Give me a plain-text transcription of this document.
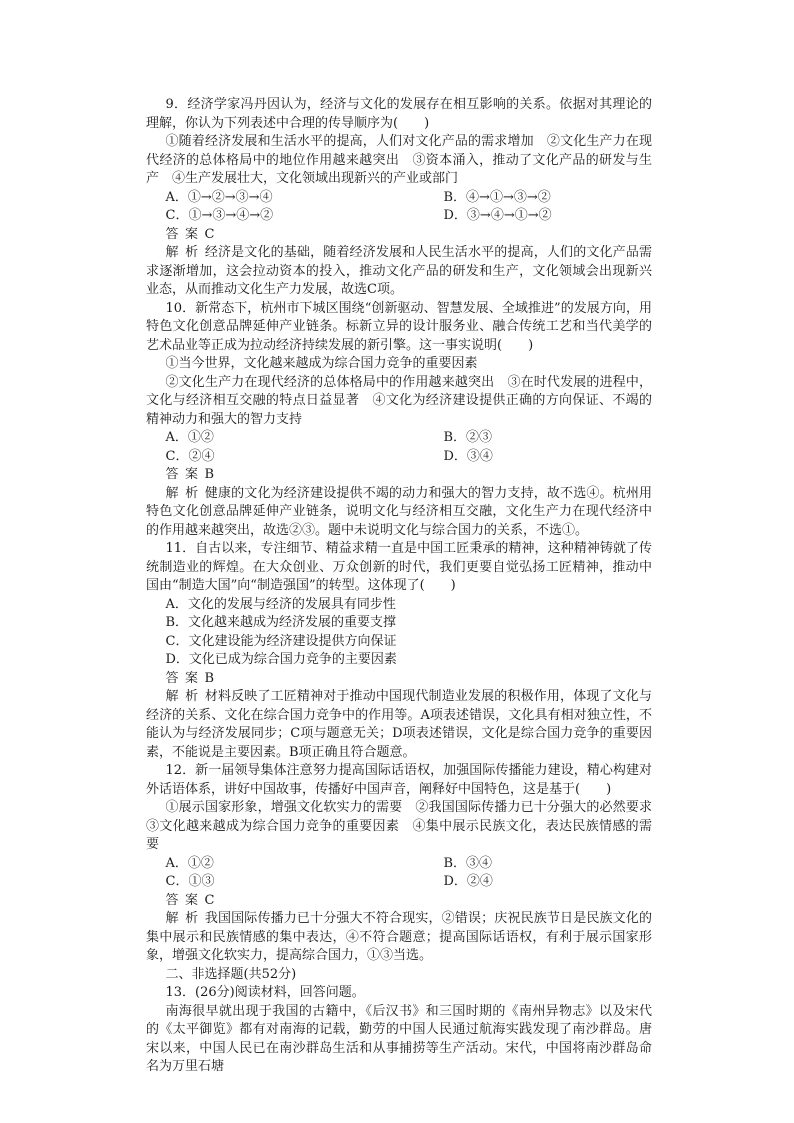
9．经济学家冯丹因认为，经济与文化的发展存在相互影响的关系。依据对其理论的理解，你认为下列表述中合理的传导顺序为(　　)

①随着经济发展和生活水平的提高，人们对文化产品的需求增加　②文化生产力在现代经济的总体格局中的地位作用越来越突出　③资本涌入，推动了文化产品的研发与生产　④生产发展壮大，文化领域出现新兴的产业或部门

A．①→②→③→④	B．④→①→③→②
C．①→③→④→②	D．③→④→①→②

答案C

解析经济是文化的基础，随着经济发展和人民生活水平的提高，人们的文化产品需求逐渐增加，这会拉动资本的投入，推动文化产品的研发和生产，文化领域会出现新兴业态，从而推动文化生产力发展，故选C项。

10．新常态下，杭州市下城区围绕“创新驱动、智慧发展、全域推进”的发展方向，用特色文化创意品牌延伸产业链条。标新立异的设计服务业、融合传统工艺和当代美学的艺术品业等正成为拉动经济持续发展的新引擎。这一事实说明(　　)

①当今世界，文化越来越成为综合国力竞争的重要因素

②文化生产力在现代经济的总体格局中的作用越来越突出　③在时代发展的进程中，文化与经济相互交融的特点日益显著　④文化为经济建设提供正确的方向保证、不竭的精神动力和强大的智力支持

A．①②	B．②③
C．②④	D．③④

答案B

解析健康的文化为经济建设提供不竭的动力和强大的智力支持，故不选④。杭州用特色文化创意品牌延伸产业链条，说明文化与经济相互交融，文化生产力在现代经济中的作用越来越突出，故选②③。题中未说明文化与综合国力的关系，不选①。

11．自古以来，专注细节、精益求精一直是中国工匠秉承的精神，这种精神铸就了传统制造业的辉煌。在大众创业、万众创新的时代，我们更要自觉弘扬工匠精神，推动中国由“制造大国”向“制造强国”的转型。这体现了(　　)

A．文化的发展与经济的发展具有同步性

B．文化越来越成为经济发展的重要支撑

C．文化建设能为经济建设提供方向保证

D．文化已成为综合国力竞争的主要因素

答案B

解析材料反映了工匠精神对于推动中国现代制造业发展的积极作用，体现了文化与经济的关系、文化在综合国力竞争中的作用等。A项表述错误，文化具有相对独立性，不能认为与经济发展同步；C项与题意无关；D项表述错误，文化是综合国力竞争的重要因素，不能说是主要因素。B项正确且符合题意。

12．新一届领导集体注意努力提高国际话语权，加强国际传播能力建设，精心构建对外话语体系，讲好中国故事，传播好中国声音，阐释好中国特色，这是基于(　　)

①展示国家形象，增强文化软实力的需要　②我国国际传播力已十分强大的必然要求　③文化越来越成为综合国力竞争的重要因素　④集中展示民族文化，表达民族情感的需要

A．①②	B．③④
C．①③	D．②④

答案C

解析我国国际传播力已十分强大不符合现实，②错误；庆祝民族节日是民族文化的集中展示和民族情感的集中表达，④不符合题意；提高国际话语权，有利于展示国家形象，增强文化软实力，提高综合国力，①③当选。

二、非选择题(共52分)

13．(26分)阅读材料，回答问题。

南海很早就出现于我国的古籍中，《后汉书》和三国时期的《南州异物志》以及宋代的《太平御览》都有对南海的记载，勤劳的中国人民通过航海实践发现了南沙群岛。唐宋以来，中国人民已在南沙群岛生活和从事捕捞等生产活动。宋代，中国将南沙群岛命名为万里石塘
